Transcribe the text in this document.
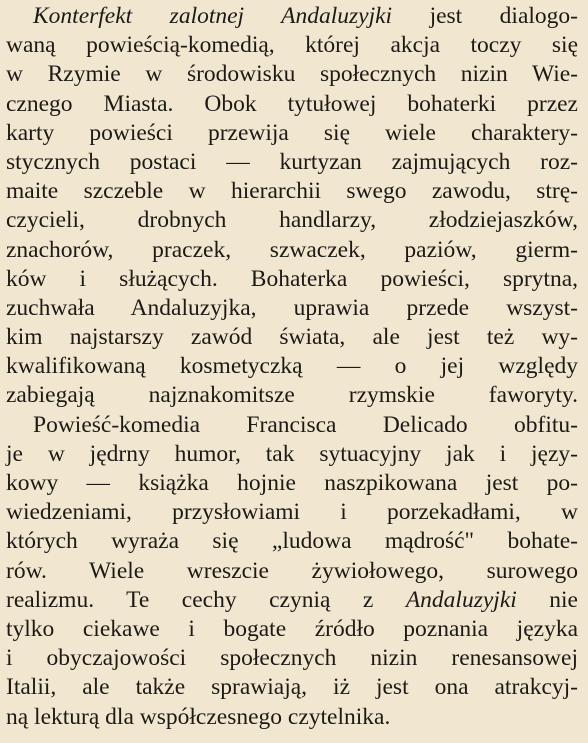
Konterfekt zalotnej Andaluzyjki jest dialogo-
waną powieścią-komedią, której akcja toczy się
w Rzymie w środowisku społecznych nizin Wie-
cznego Miasta. Obok tytułowej bohaterki przez
karty powieści przewija się wiele charaktery-
stycznych postaci — kurtyzan zajmujących roz-
maite szczeble w hierarchii swego zawodu, strę-
czycieli, drobnych handlarzy, złodziejaszków,
znachorów, praczek, szwaczek, paziów, gierm-
ków i służących. Bohaterka powieści, sprytna,
zuchwała Andaluzyjka, uprawia przede wszyst-
kim najstarszy zawód świata, ale jest też wy-
kwalifikowaną kosmetyczką — o jej względy
zabiegają najznakomitsze rzymskie faworyty.
Powieść-komedia Francisca Delicado obfitu-
je w jędrny humor, tak sytuacyjny jak i języ-
kowy — książka hojnie naszpikowana jest po-
wiedzeniami, przysłowiami i porzekadłami, w
których wyraża się „ludowa mądrość" bohate-
rów. Wiele wreszcie żywiołowego, surowego
realizmu. Te cechy czynią z Andaluzyjki nie
tylko ciekawe i bogate źródło poznania języka
i obyczajowości społecznych nizin renesansowej
Italii, ale także sprawiają, iż jest ona atrakcyj-
ną lekturą dla współczesnego czytelnika.
